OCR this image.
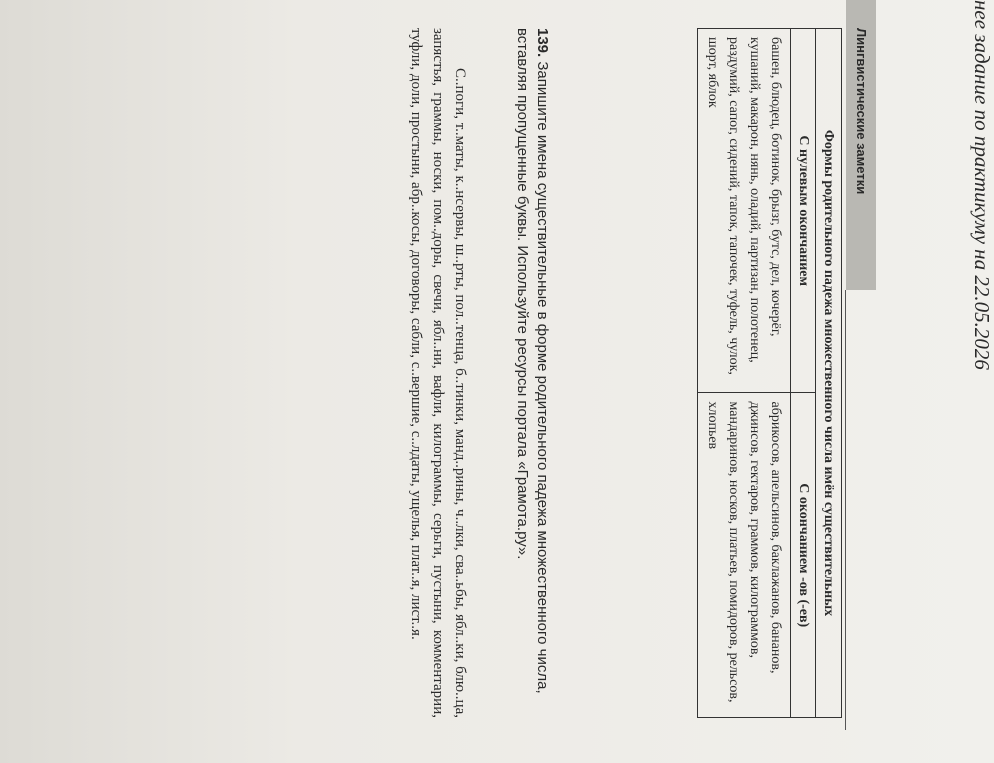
нее задание по практикуму на 22.05.2026
Лингвистические заметки
Формы родительного падежа множественного числа имён существительных	
С нулевым окончанием	С окончанием -ов (-ев)
башен, блюдец, ботинок, брызг, бутс, дел, кочерёг, кушаний, макарон, нянь, оладий, партизан, полотенец, раздумий, сапог, сидений, тапок, тапочек, туфель, чулок, шорт, яблок	абрикосов, апельсинов, баклажанов, бананов, джинсов, гектаров, граммов, килограммов, мандаринов, носков, платьев, помидоров, рельсов, хлопьев
139. Запишите имена существительные в форме родительного падежа множественного числа, вставляя пропущенные буквы. Используйте ресурсы портала «Грамота.ру».
С..поги, т..маты, к..нсервы, ш..рты, пол..тенца, б..тинки, манд..рины, ч..лки, сва..ьбы, ябл..ки, блю..ца, запястья, граммы, носки, пом..доры, свечи, ябл..ни, вафли, килограммы, серьги, пустыни, комментарии, туфли, доли, простыни, абр..косы, договоры, сабли, с..вершие, с..лдаты, ущелья, плат..я, лист..я.
